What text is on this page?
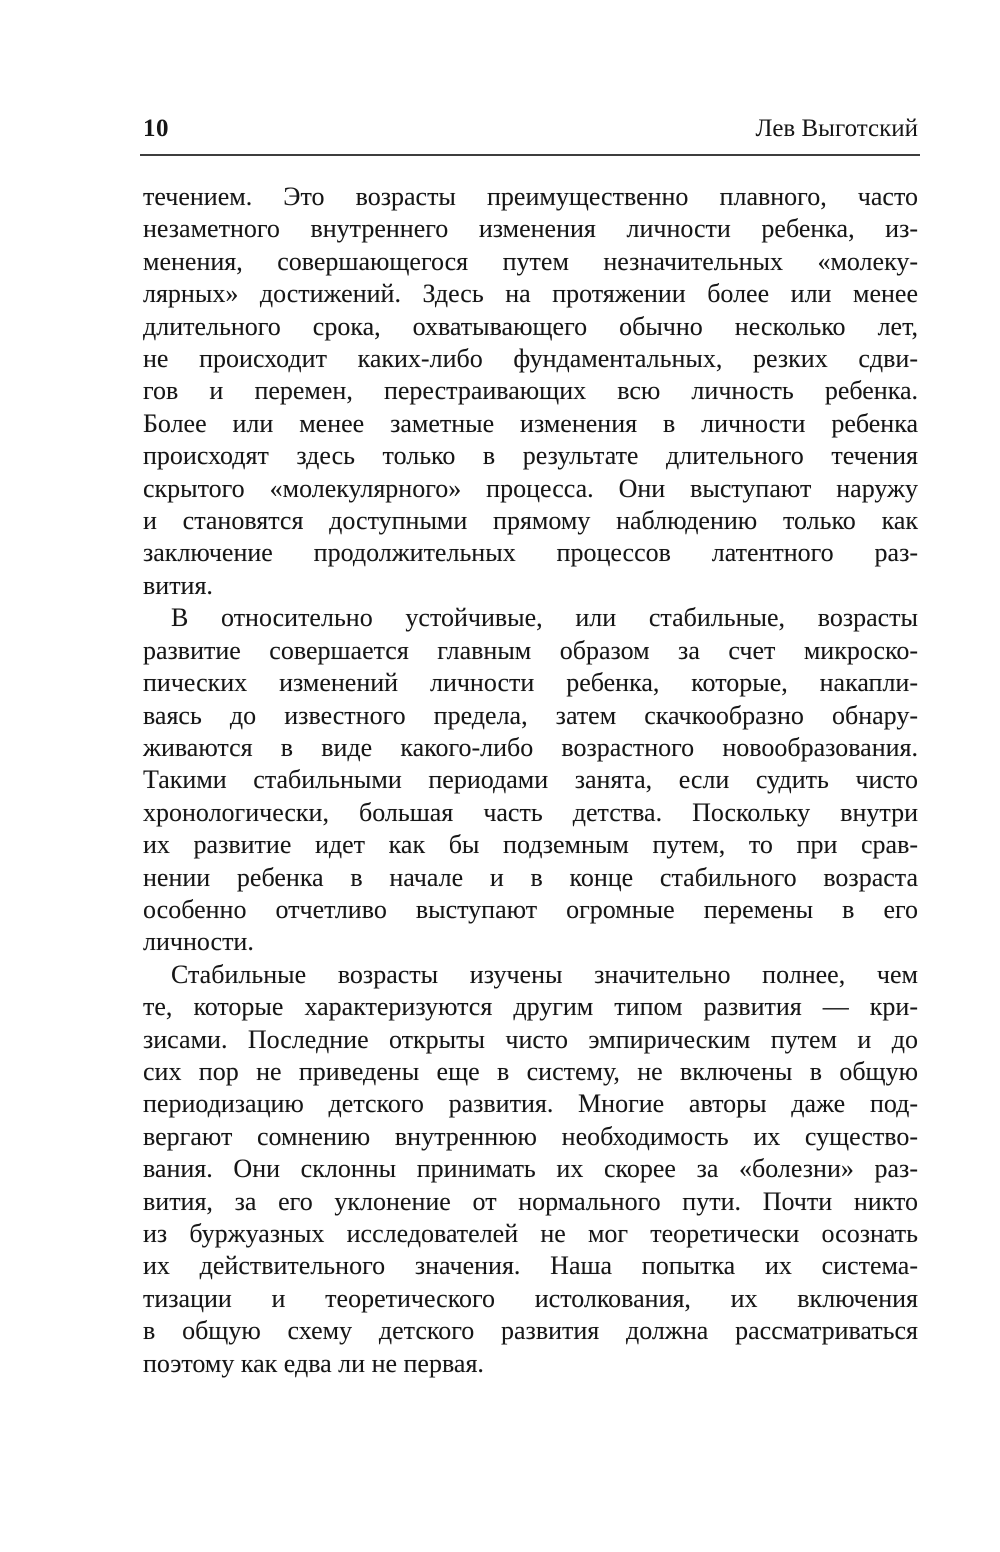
10	Лев Выготский
течением. Это возрасты преимущественно плавного, часто
незаметного внутреннего изменения личности ребенка, из-
менения, совершающегося путем незначительных «молеку-
лярных» достижений. Здесь на протяжении более или менее
длительного срока, охватывающего обычно несколько лет,
не происходит каких-либо фундаментальных, резких сдви-
гов и перемен, перестраивающих всю личность ребенка.
Более или менее заметные изменения в личности ребенка
происходят здесь только в результате длительного течения
скрытого «молекулярного» процесса. Они выступают наружу
и становятся доступными прямому наблюдению только как
заключение продолжительных процессов латентного раз-
вития.
В относительно устойчивые, или стабильные, возрасты
развитие совершается главным образом за счет микроско-
пических изменений личности ребенка, которые, накапли-
ваясь до известного предела, затем скачкообразно обнару-
живаются в виде какого-либо возрастного новообразования.
Такими стабильными периодами занята, если судить чисто
хронологически, большая часть детства. Поскольку внутри
их развитие идет как бы подземным путем, то при срав-
нении ребенка в начале и в конце стабильного возраста
особенно отчетливо выступают огромные перемены в его
личности.
Стабильные возрасты изучены значительно полнее, чем
те, которые характеризуются другим типом развития — кри-
зисами. Последние открыты чисто эмпирическим путем и до
сих пор не приведены еще в систему, не включены в общую
периодизацию детского развития. Многие авторы даже под-
вергают сомнению внутреннюю необходимость их существо-
вания. Они склонны принимать их скорее за «болезни» раз-
вития, за его уклонение от нормального пути. Почти никто
из буржуазных исследователей не мог теоретически осознать
их действительного значения. Наша попытка их система-
тизации и теоретического истолкования, их включения
в общую схему детского развития должна рассматриваться
поэтому как едва ли не первая.
